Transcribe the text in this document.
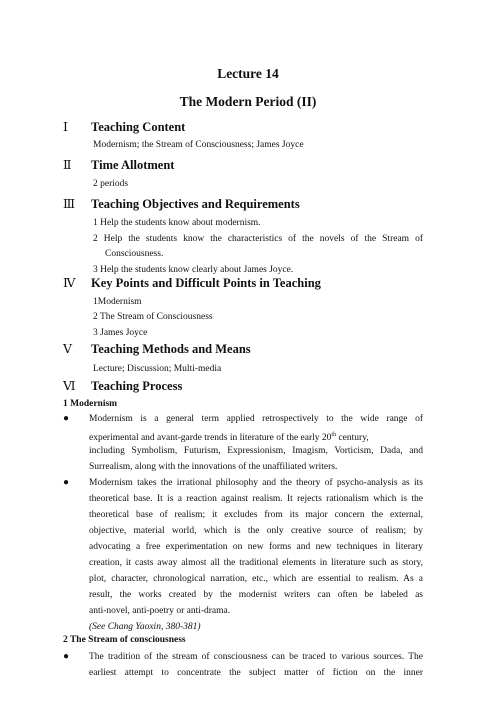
Lecture 14
The Modern Period (II)
Ⅰ Teaching Content
Modernism; the Stream of Consciousness; James Joyce
Ⅱ Time Allotment
2 periods
Ⅲ Teaching Objectives and Requirements
1 Help the students know about modernism.
2 Help the students know the characteristics of the novels of the Stream of
Consciousness.
3 Help the students know clearly about James Joyce.
Ⅳ Key Points and Difficult Points in Teaching
1Modernism
2 The Stream of Consciousness
3 James Joyce
Ⅴ Teaching Methods and Means
Lecture; Discussion; Multi-media
Ⅵ Teaching Process
1 Modernism
● Modernism is a general term applied retrospectively to the wide range of
experimental and avant-garde trends in literature of the early 20th century,
including Symbolism, Futurism, Expressionism, Imagism, Vorticism, Dada, and
Surrealism, along with the innovations of the unaffiliated writers.
● Modernism takes the irrational philosophy and the theory of psycho-analysis as its
theoretical base. It is a reaction against realism. It rejects rationalism which is the
theoretical base of realism; it excludes from its major concern the external,
objective, material world, which is the only creative source of realism; by
advocating a free experimentation on new forms and new techniques in literary
creation, it casts away almost all the traditional elements in literature such as story,
plot, character, chronological narration, etc., which are essential to realism. As a
result, the works created by the modernist writers can often be labeled as
anti-novel, anti-poetry or anti-drama.
(See Chang Yaoxin, 380-381)
2 The Stream of consciousness
● The tradition of the stream of consciousness can be traced to various sources. The
earliest attempt to concentrate the subject matter of fiction on the inner
